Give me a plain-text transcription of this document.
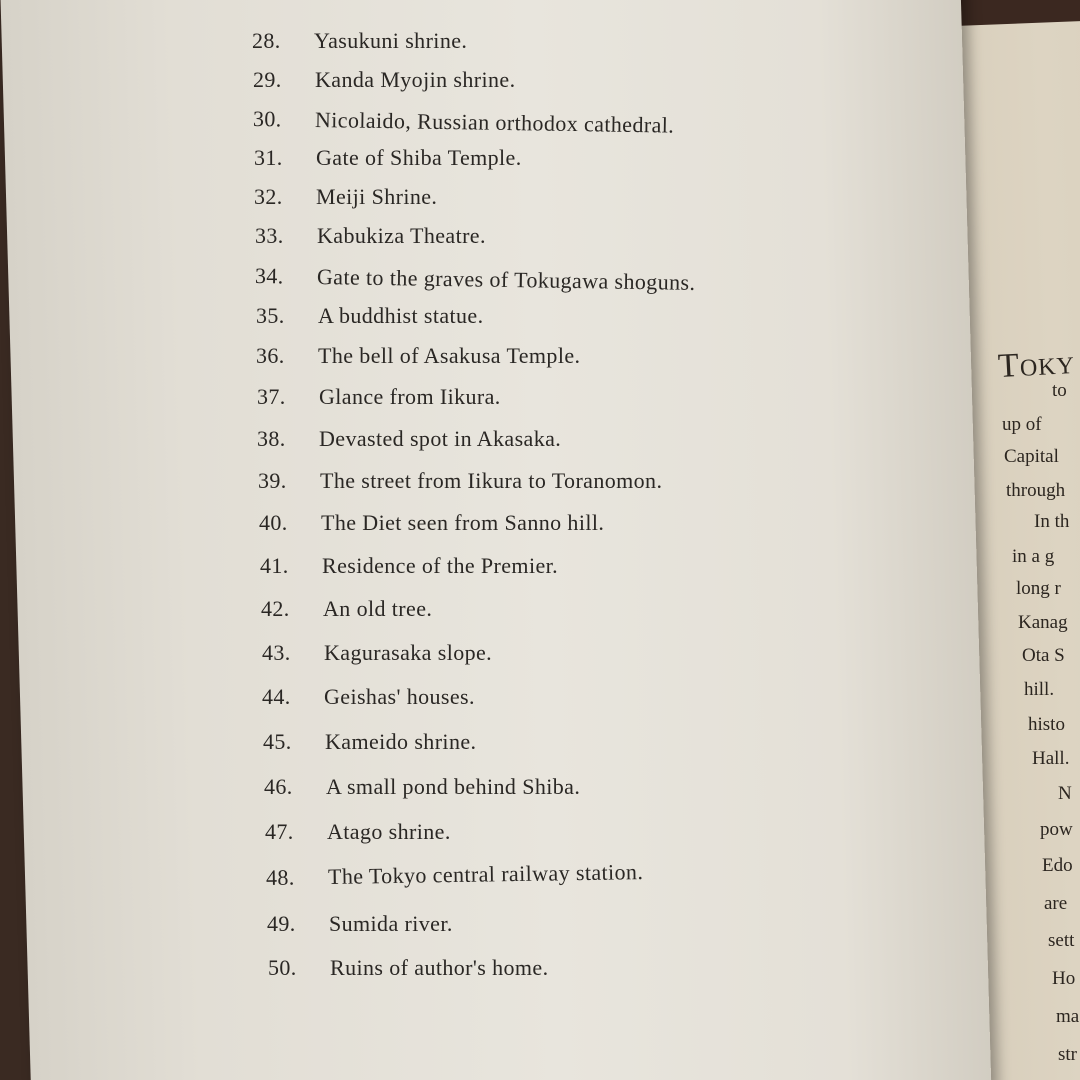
28. Yasukuni shrine.
29. Kanda Myojin shrine.
30. Nicolaido, Russian orthodox cathedral.
31. Gate of Shiba Temple.
32. Meiji Shrine.
33. Kabukiza Theatre.
34. Gate to the graves of Tokugawa shoguns.
35. A buddhist statue.
36. The bell of Asakusa Temple.
37. Glance from Iikura.
38. Devasted spot in Akasaka.
39. The street from Iikura to Toranomon.
40. The Diet seen from Sanno hill.
41. Residence of the Premier.
42. An old tree.
43. Kagurasaka slope.
44. Geishas' houses.
45. Kameido shrine.
46. A small pond behind Shiba.
47. Atago shrine.
48. The Tokyo central railway station.
49. Sumida river.
50. Ruins of author's home.
TOKY
to
up of
Capital
through
In th
in a g
long r
Kanag
Ota S
hill.
histo
Hall.
N
pow
Edo
are
sett
Ho
ma
str
